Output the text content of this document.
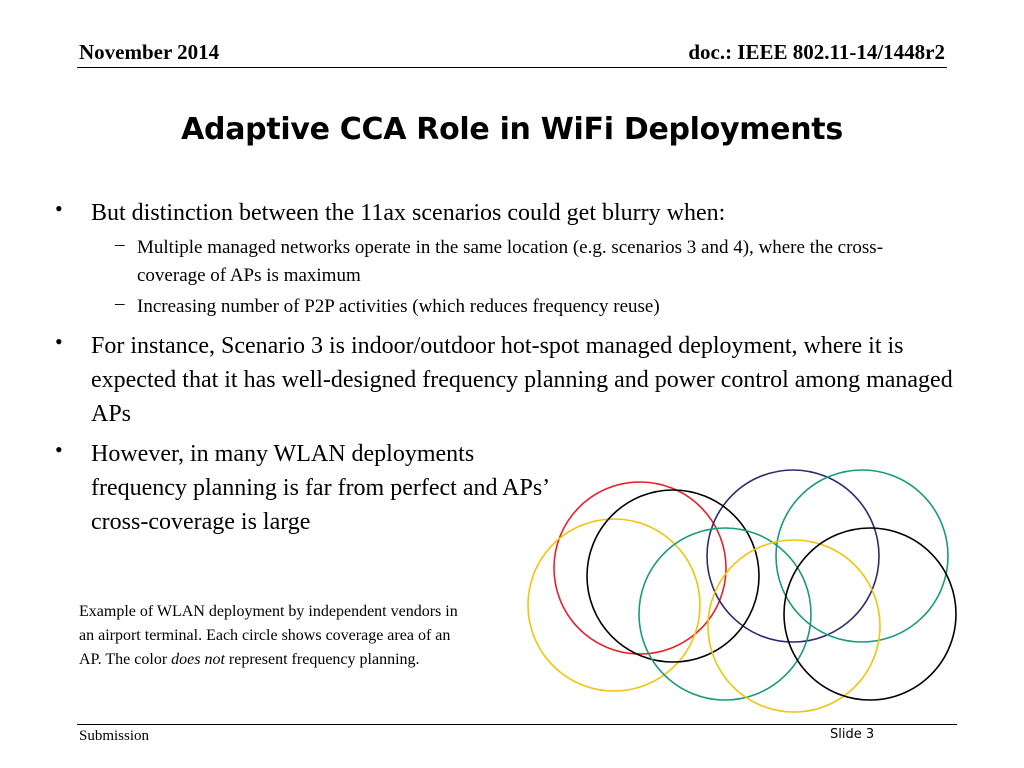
November 2014	doc.: IEEE 802.11-14/1448r2
Adaptive CCA Role in WiFi Deployments
• But distinction between the 11ax scenarios could get blurry when:
– Multiple managed networks operate in the same location (e.g. scenarios 3 and 4), where the cross-coverage of APs is maximum
– Increasing number of P2P activities (which reduces frequency reuse)
• For instance, Scenario 3 is indoor/outdoor hot-spot managed deployment, where it is expected that it has well-designed frequency planning and power control among managed APs
• However, in many WLAN deployments frequency planning is far from perfect and APs’ cross-coverage is large
Example of WLAN deployment by independent vendors in an airport terminal. Each circle shows coverage area of an AP. The color does not represent frequency planning.
Submission	Slide 3
